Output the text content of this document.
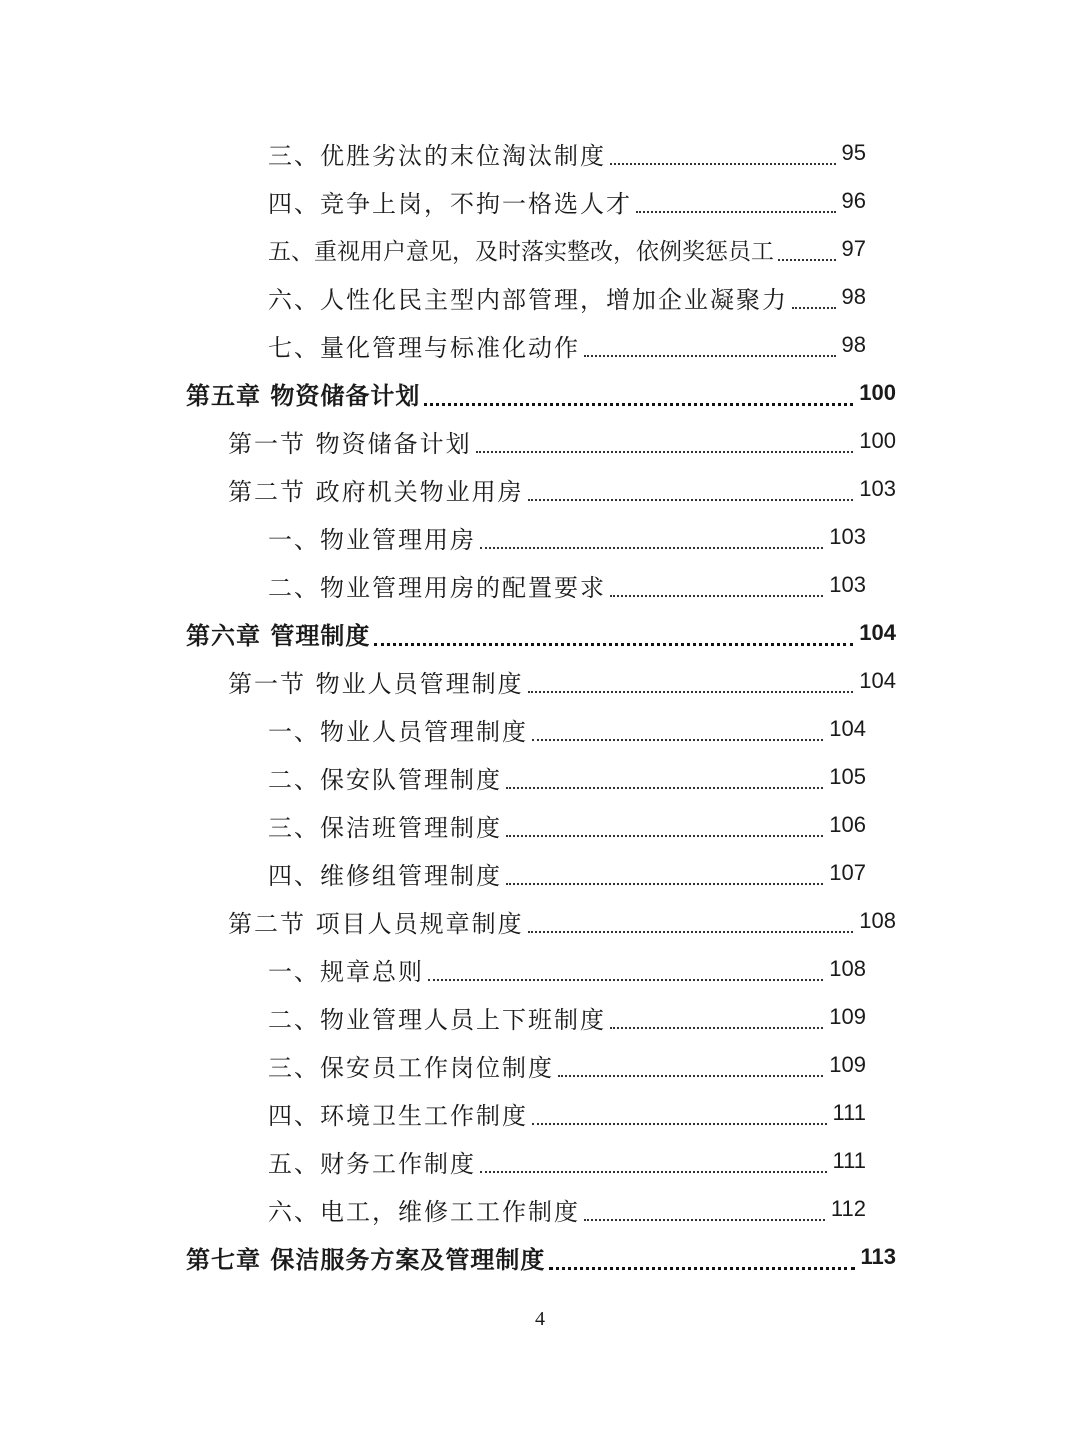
三、优胜劣汰的末位淘汰制度	95
四、竞争上岗，不拘一格选人才	96
五、重视用户意见，及时落实整改，依例奖惩员工	97
六、人性化民主型内部管理，增加企业凝聚力 98
七、量化管理与标准化动作	98
第五章 物资储备计划	100
第一节 物资储备计划	100
第二节 政府机关物业用房	103
一、物业管理用房	103
二、物业管理用房的配置要求	103
第六章 管理制度	104
第一节 物业人员管理制度	104
一、物业人员管理制度	104
二、保安队管理制度	105
三、保洁班管理制度	106
四、维修组管理制度	107
第二节 项目人员规章制度	108
一、规章总则	108
二、物业管理人员上下班制度	109
三、保安员工作岗位制度	109
四、环境卫生工作制度	111
五、财务工作制度	111
六、电工，维修工工作制度	112
第七章 保洁服务方案及管理制度	113
4
